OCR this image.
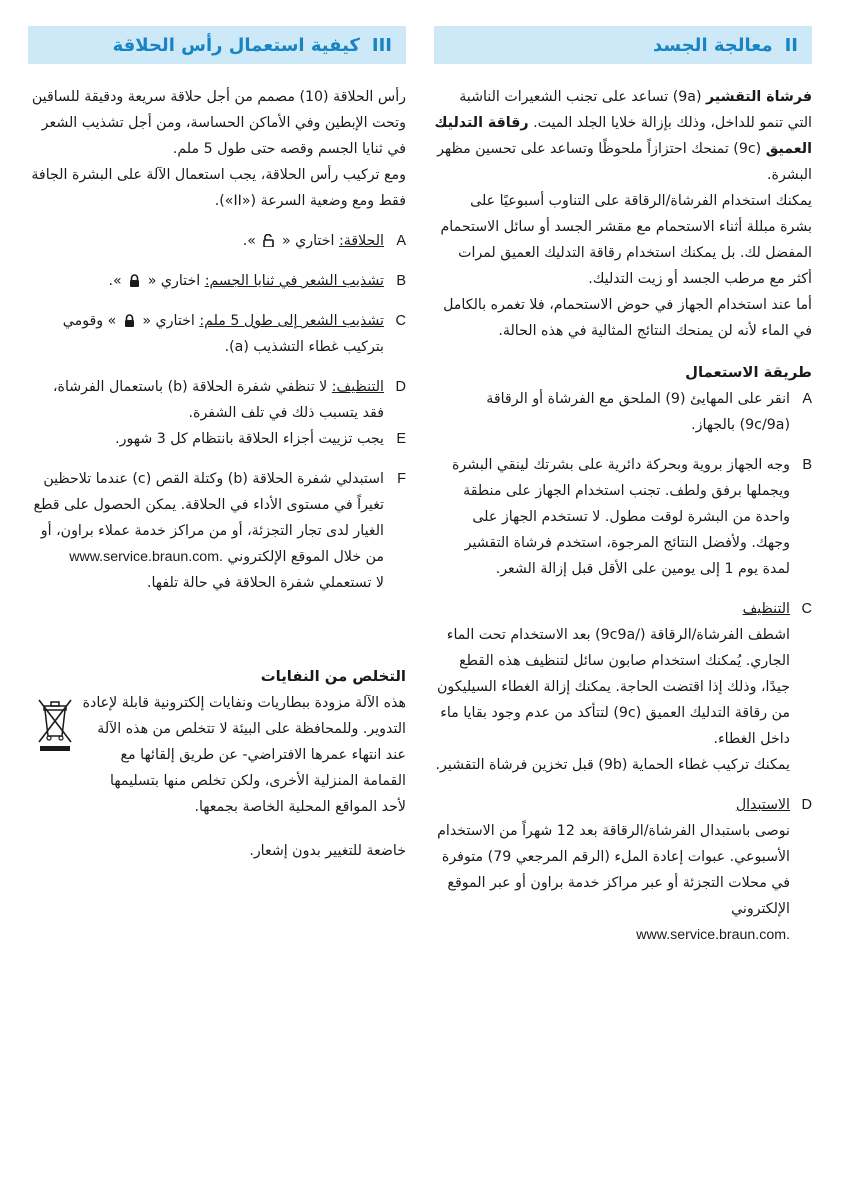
II
معالجة الجسد

فرشاة التقشير (9a) تساعد على تجنب الشعيرات الناشبة التي تنمو للداخل، وذلك بإزالة خلايا الجلد الميت. رقاقة التدليك العميق (9c) تمنحك احتزازاً ملحوظًا وتساعد على تحسين مظهر البشرة.

يمكنك استخدام الفرشاة/الرقاقة على التناوب أسبوعيًا على بشرة مبللة أثناء الاستحمام مع مقشر الجسد أو سائل الاستحمام المفضل لك. بل يمكنك استخدام رقاقة التدليك العميق لمرات أكثر مع مرطب الجسد أو زيت التدليك.

أما عند استخدام الجهاز في حوض الاستحمام، فلا تغمره بالكامل في الماء لأنه لن يمنحك النتائج المثالية في هذه الحالة.

طريقة الاستعمال
A
انقر على المهايئ (9) الملحق مع الفرشاة أو الرقاقة (9c/9a) بالجهاز.
B
وجه الجهاز بروية وبحركة دائرية على بشرتك لينقي البشرة ويجملها برفق ولطف. تجنب استخدام الجهاز على منطقة واحدة من البشرة لوقت مطول. لا تستخدم الجهاز على وجهك. ولأفضل النتائج المرجوة، استخدم فرشاة التقشير لمدة يوم 1 إلى يومين على الأقل قبل إزالة الشعر.
C
التنظيف
اشطف الفرشاة/الرقاقة (/9c9a) بعد الاستخدام تحت الماء الجاري. يُمكنك استخدام صابون سائل لتنظيف هذه القطع جيدًا، وذلك إذا اقتضت الحاجة. يمكنك إزالة الغطاء السيليكون من رقاقة التدليك العميق (9c) لتتأكد من عدم وجود بقايا ماء داخل الغطاء.
يمكنك تركيب غطاء الحماية (9b) قبل تخزين فرشاة التقشير.
D
الاستبدال
نوصى باستبدال الفرشاة/الرقاقة بعد 12 شهراً من الاستخدام الأسبوعي. عبوات إعادة الملء (الرقم المرجعي 79) متوفرة في محلات التجزئة أو عبر مراكز خدمة براون أو عبر الموقع الإلكتروني
www.service.braun.com.
III
كيفية استعمال رأس الحلاقة

رأس الحلاقة (10) مصمم من أجل حلاقة سريعة ودقيقة للساقين وتحت الإبطين وفي الأماكن الحساسة، ومن أجل تشذيب الشعر في ثنايا الجسم وقصه حتى طول 5 ملم.

ومع تركيب رأس الحلاقة، يجب استعمال الآلة على البشرة الجافة فقط ومع وضعية السرعة («II»).

A
الحلاقة: اختاري «  ».
B
تشذيب الشعر في ثنايا الجسم: اختاري «  ».
C
تشذيب الشعر إلى طول 5 ملم: اختاري «  » وقومي بتركيب غطاء التشذيب (a).
D
التنظيف: لا تنظفي شفرة الحلاقة (b) باستعمال الفرشاة، فقد يتسبب ذلك في تلف الشفرة.
E
يجب تزييت أجزاء الحلاقة بانتظام كل 3 شهور.
F
استبدلي شفرة الحلاقة (b) وكتلة القص (c) عندما تلاحظين تغيراً في مستوى الأداء في الحلاقة. يمكن الحصول على قطع الغيار لدى تجار التجزئة، أو من مراكز خدمة عملاء براون، أو من خلال الموقع الإلكتروني www.service.braun.com.
لا تستعملي شفرة الحلاقة في حالة تلفها.
التخلص من النفايات

هذه الآلة مزودة ببطاريات ونفايات إلكترونية قابلة لإعادة التدوير. وللمحافظة على البيئة لا تتخلص من هذه الآلة عند انتهاء عمرها الافتراضي- عن طريق إلقائها مع القمامة المنزلية الأخرى، ولكن تخلص منها بتسليمها لأحد المواقع المحلية الخاصة بجمعها.

خاضعة للتغيير بدون إشعار.
